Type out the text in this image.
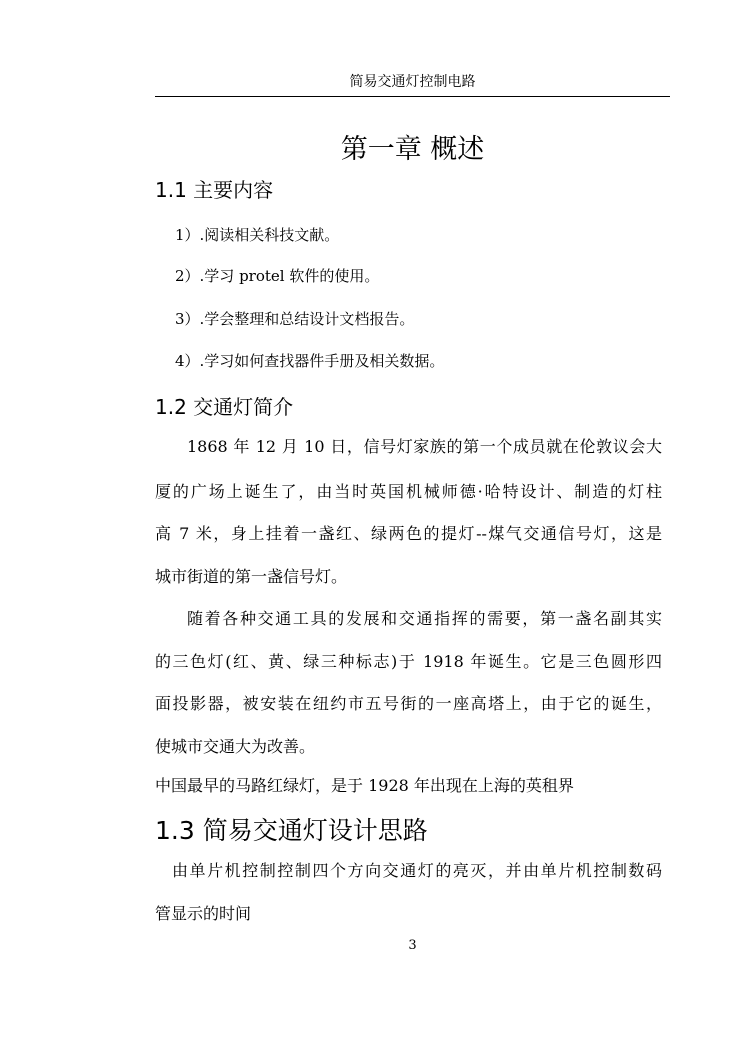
简易交通灯控制电路
第一章 概述
1.1 主要内容
1）.阅读相关科技文献。
2）.学习 protel 软件的使用。
3）.学会整理和总结设计文档报告。
4）.学习如何查找器件手册及相关数据。
1.2 交通灯简介
1868 年 12 月 10 日，信号灯家族的第一个成员就在伦敦议会大
厦的广场上诞生了，由当时英国机械师德·哈特设计、制造的灯柱
高 7 米，身上挂着一盏红、绿两色的提灯--煤气交通信号灯，这是
城市街道的第一盏信号灯。
随着各种交通工具的发展和交通指挥的需要，第一盏名副其实
的三色灯(红、黄、绿三种标志)于 1918 年诞生。它是三色圆形四
面投影器，被安装在纽约市五号街的一座高塔上，由于它的诞生，
使城市交通大为改善。
中国最早的马路红绿灯，是于 1928 年出现在上海的英租界
1.3 简易交通灯设计思路
由单片机控制控制四个方向交通灯的亮灭，并由单片机控制数码
管显示的时间
3
